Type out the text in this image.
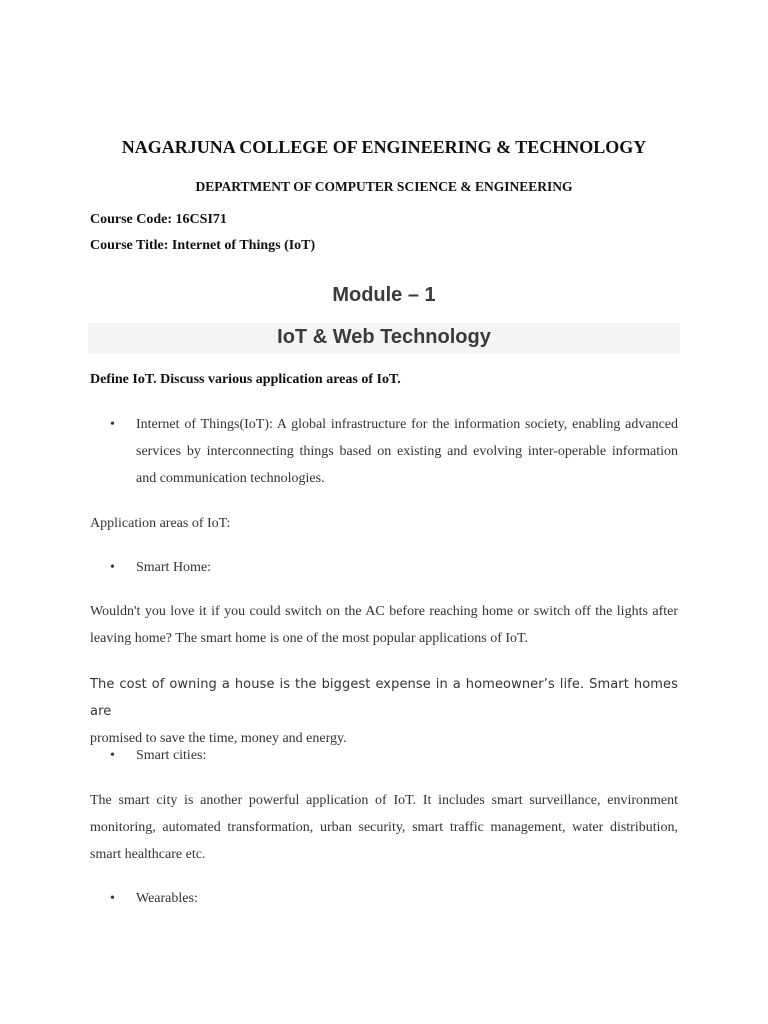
NAGARJUNA COLLEGE OF ENGINEERING & TECHNOLOGY
DEPARTMENT OF COMPUTER SCIENCE & ENGINEERING
Course Code: 16CSI71
Course Title: Internet of Things (IoT)
Module – 1
IoT & Web Technology
Define IoT. Discuss various application areas of IoT.
• Internet of Things(IoT): A global infrastructure for the information society, enabling advanced services by interconnecting things based on existing and evolving inter-operable information and communication technologies.
Application areas of IoT:
• Smart Home:
Wouldn't you love it if you could switch on the AC before reaching home or switch off the lights after leaving home? The smart home is one of the most popular applications of IoT.
The cost of owning a house is the biggest expense in a homeowner’s life. Smart homes are
promised to save the time, money and energy.
• Smart cities:
The smart city is another powerful application of IoT. It includes smart surveillance, environment monitoring, automated transformation, urban security, smart traffic management, water distribution, smart healthcare etc.
• Wearables:
